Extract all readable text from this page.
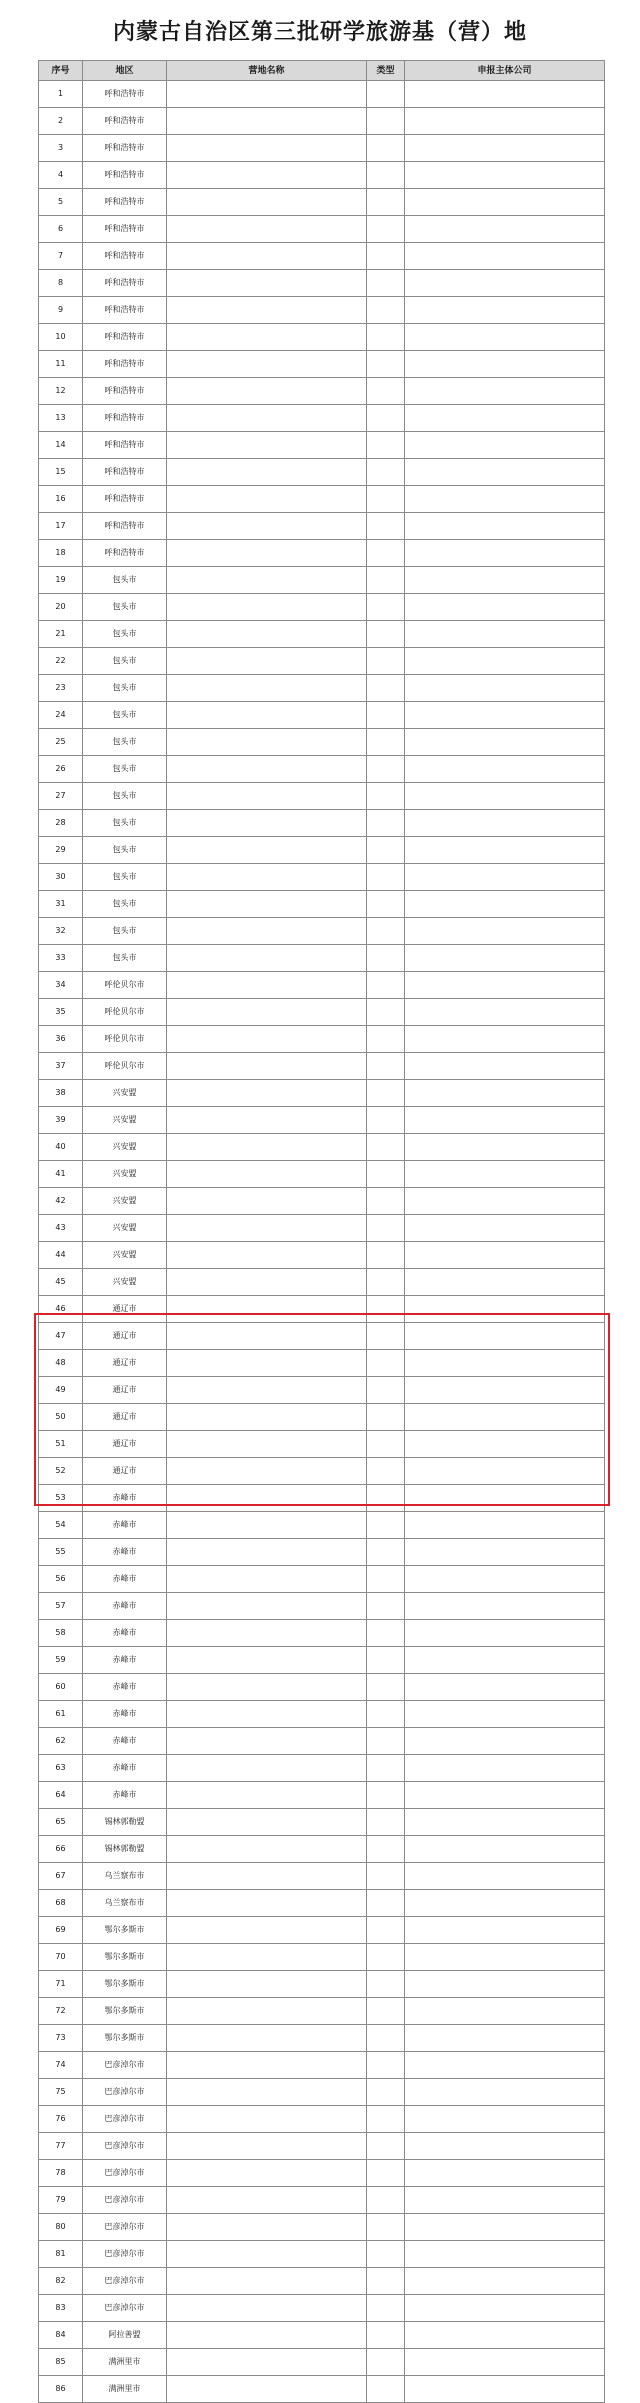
内蒙古自治区第三批研学旅游基（营）地
序号	地区	营地名称	类型	申报主体公司
1	呼和浩特市			
2	呼和浩特市			
3	呼和浩特市			
4	呼和浩特市			
5	呼和浩特市			
6	呼和浩特市			
7	呼和浩特市			
8	呼和浩特市			
9	呼和浩特市			
10	呼和浩特市			
11	呼和浩特市			
12	呼和浩特市			
13	呼和浩特市			
14	呼和浩特市			
15	呼和浩特市			
16	呼和浩特市			
17	呼和浩特市			
18	呼和浩特市			
19	包头市			
20	包头市			
21	包头市			
22	包头市			
23	包头市			
24	包头市			
25	包头市			
26	包头市			
27	包头市			
28	包头市			
29	包头市			
30	包头市			
31	包头市			
32	包头市			
33	包头市			
34	呼伦贝尔市			
35	呼伦贝尔市			
36	呼伦贝尔市			
37	呼伦贝尔市			
38	兴安盟			
39	兴安盟			
40	兴安盟			
41	兴安盟			
42	兴安盟			
43	兴安盟			
44	兴安盟			
45	兴安盟			
46	通辽市			
47	通辽市			
48	通辽市			
49	通辽市			
50	通辽市			
51	通辽市			
52	通辽市			
53	赤峰市			
54	赤峰市			
55	赤峰市			
56	赤峰市			
57	赤峰市			
58	赤峰市			
59	赤峰市			
60	赤峰市			
61	赤峰市			
62	赤峰市			
63	赤峰市			
64	赤峰市			
65	锡林郭勒盟			
66	锡林郭勒盟			
67	乌兰察布市			
68	乌兰察布市			
69	鄂尔多斯市			
70	鄂尔多斯市			
71	鄂尔多斯市			
72	鄂尔多斯市			
73	鄂尔多斯市			
74	巴彦淖尔市			
75	巴彦淖尔市			
76	巴彦淖尔市			
77	巴彦淖尔市			
78	巴彦淖尔市			
79	巴彦淖尔市			
80	巴彦淖尔市			
81	巴彦淖尔市			
82	巴彦淖尔市			
83	巴彦淖尔市			
84	阿拉善盟			
85	满洲里市			
86	满洲里市			
